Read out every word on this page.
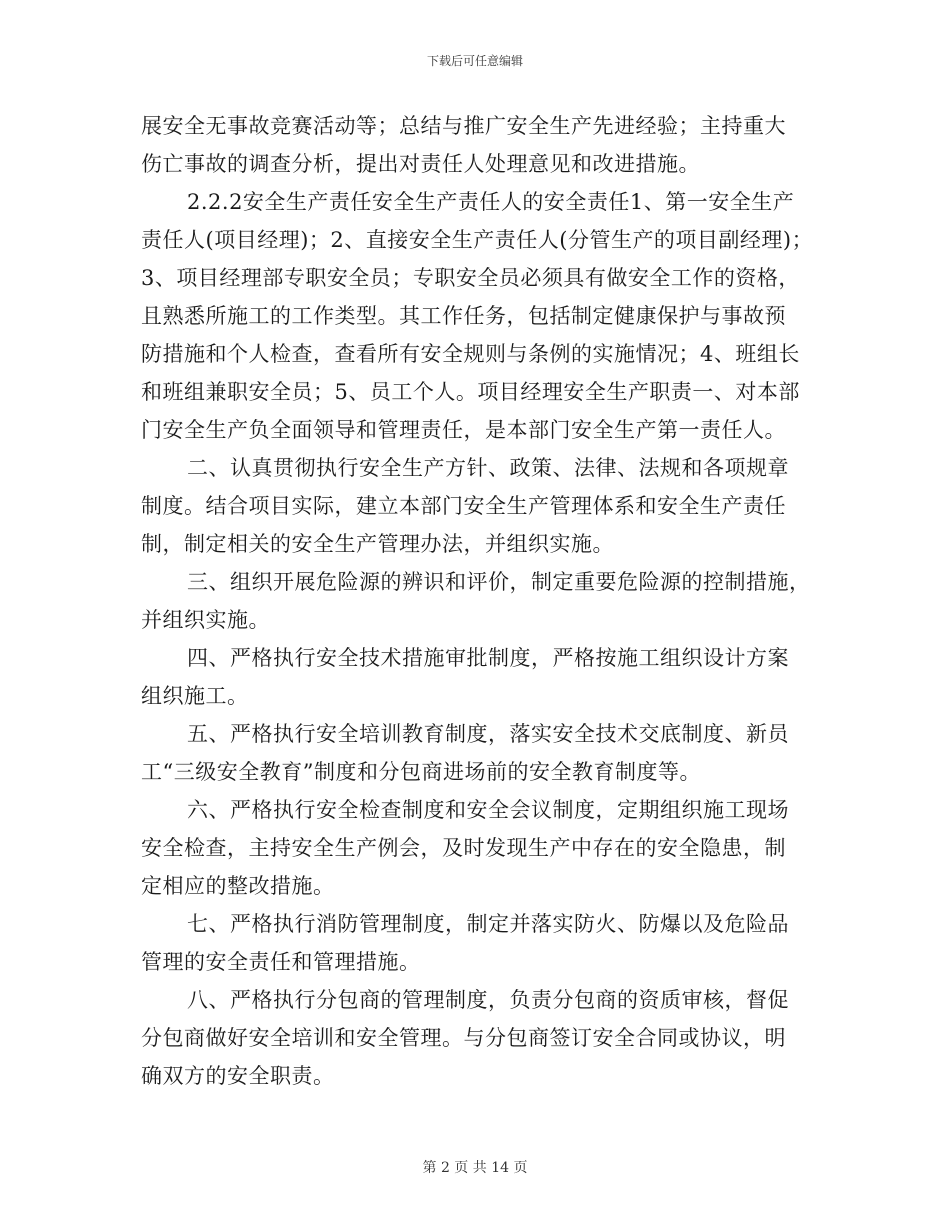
下载后可任意编辑

展安全无事故竞赛活动等；总结与推广安全生产先进经验；主持重大
伤亡事故的调查分析，提出对责任人处理意见和改进措施。

2.2.2安全生产责任安全生产责任人的安全责任1、第一安全生产
责任人(项目经理)；2、直接安全生产责任人(分管生产的项目副经理)；
3、项目经理部专职安全员；专职安全员必须具有做安全工作的资格，
且熟悉所施工的工作类型。其工作任务，包括制定健康保护与事故预
防措施和个人检查，查看所有安全规则与条例的实施情况；4、班组长
和班组兼职安全员；5、员工个人。项目经理安全生产职责一、对本部
门安全生产负全面领导和管理责任，是本部门安全生产第一责任人。

二、认真贯彻执行安全生产方针、政策、法律、法规和各项规章
制度。结合项目实际，建立本部门安全生产管理体系和安全生产责任
制，制定相关的安全生产管理办法，并组织实施。

三、组织开展危险源的辨识和评价，制定重要危险源的控制措施，
并组织实施。

四、严格执行安全技术措施审批制度，严格按施工组织设计方案
组织施工。

五、严格执行安全培训教育制度，落实安全技术交底制度、新员
工“三级安全教育”制度和分包商进场前的安全教育制度等。

六、严格执行安全检查制度和安全会议制度，定期组织施工现场
安全检查，主持安全生产例会，及时发现生产中存在的安全隐患，制
定相应的整改措施。

七、严格执行消防管理制度，制定并落实防火、防爆以及危险品
管理的安全责任和管理措施。

八、严格执行分包商的管理制度，负责分包商的资质审核，督促
分包商做好安全培训和安全管理。与分包商签订安全合同或协议，明
确双方的安全职责。

第 2 页 共 14 页
